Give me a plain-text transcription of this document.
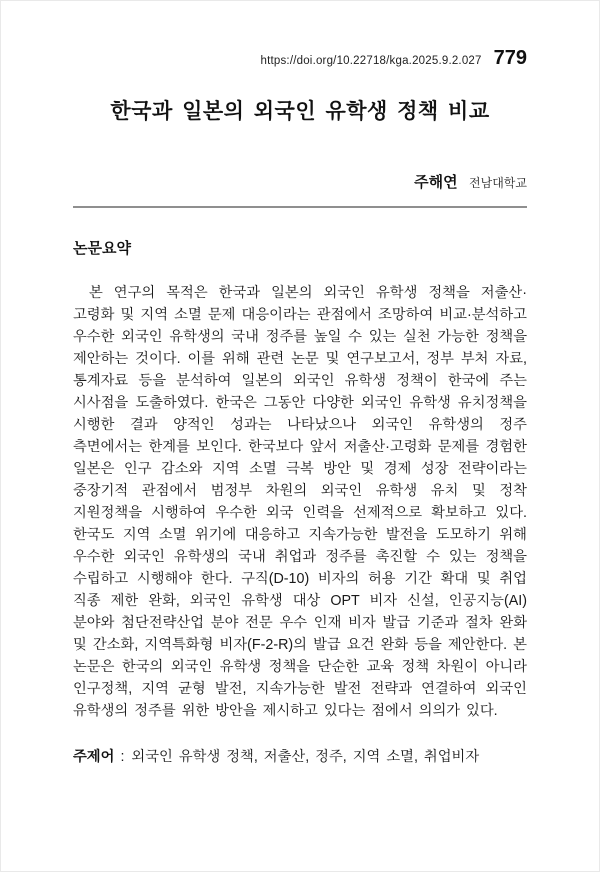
https://doi.org/10.22718/kga.2025.9.2.027 779
한국과 일본의 외국인 유학생 정책 비교
주해연 전남대학교
논문요약

본 연구의 목적은 한국과 일본의 외국인 유학생 정책을 저출산·고령화 및 지역 소멸 문제 대응이라는 관점에서 조망하여 비교·분석하고 우수한 외국인 유학생의 국내 정주를 높일 수 있는 실천 가능한 정책을 제안하는 것이다. 이를 위해 관련 논문 및 연구보고서, 정부 부처 자료, 통계자료 등을 분석하여 일본의 외국인 유학생 정책이 한국에 주는 시사점을 도출하였다. 한국은 그동안 다양한 외국인 유학생 유치정책을 시행한 결과 양적인 성과는 나타났으나 외국인 유학생의 정주 측면에서는 한계를 보인다. 한국보다 앞서 저출산·고령화 문제를 경험한 일본은 인구 감소와 지역 소멸 극복 방안 및 경제 성장 전략이라는 중장기적 관점에서 범정부 차원의 외국인 유학생 유치 및 정착 지원정책을 시행하여 우수한 외국 인력을 선제적으로 확보하고 있다. 한국도 지역 소멸 위기에 대응하고 지속가능한 발전을 도모하기 위해 우수한 외국인 유학생의 국내 취업과 정주를 촉진할 수 있는 정책을 수립하고 시행해야 한다. 구직(D-10) 비자의 허용 기간 확대 및 취업 직종 제한 완화, 외국인 유학생 대상 OPT 비자 신설, 인공지능(AI) 분야와 첨단전략산업 분야 전문 우수 인재 비자 발급 기준과 절차 완화 및 간소화, 지역특화형 비자(F-2-R)의 발급 요건 완화 등을 제안한다. 본 논문은 한국의 외국인 유학생 정책을 단순한 교육 정책 차원이 아니라 인구정책, 지역 균형 발전, 지속가능한 발전 전략과 연결하여 외국인 유학생의 정주를 위한 방안을 제시하고 있다는 점에서 의의가 있다.

주제어 : 외국인 유학생 정책, 저출산, 정주, 지역 소멸, 취업비자
